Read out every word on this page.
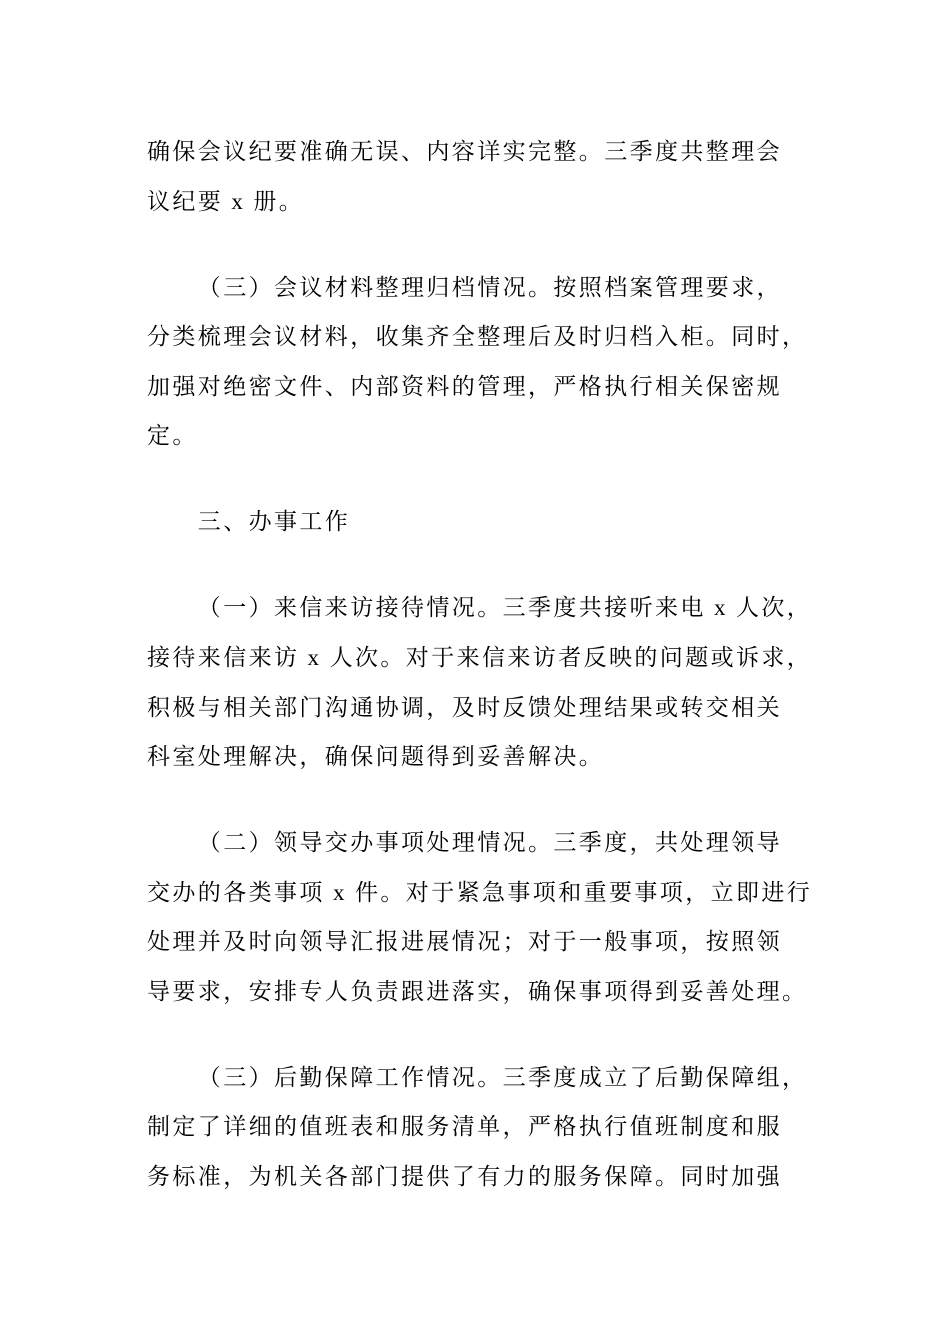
确保会议纪要准确无误、内容详实完整。三季度共整理会
议纪要 x 册。
（三）会议材料整理归档情况。按照档案管理要求，
分类梳理会议材料，收集齐全整理后及时归档入柜。同时，
加强对绝密文件、内部资料的管理，严格执行相关保密规
定。
三、办事工作
（一）来信来访接待情况。三季度共接听来电 x 人次，
接待来信来访 x 人次。对于来信来访者反映的问题或诉求，
积极与相关部门沟通协调，及时反馈处理结果或转交相关
科室处理解决，确保问题得到妥善解决。
（二）领导交办事项处理情况。三季度，共处理领导
交办的各类事项 x 件。对于紧急事项和重要事项，立即进行
处理并及时向领导汇报进展情况；对于一般事项，按照领
导要求，安排专人负责跟进落实，确保事项得到妥善处理。
（三）后勤保障工作情况。三季度成立了后勤保障组，
制定了详细的值班表和服务清单，严格执行值班制度和服
务标准，为机关各部门提供了有力的服务保障。同时加强
